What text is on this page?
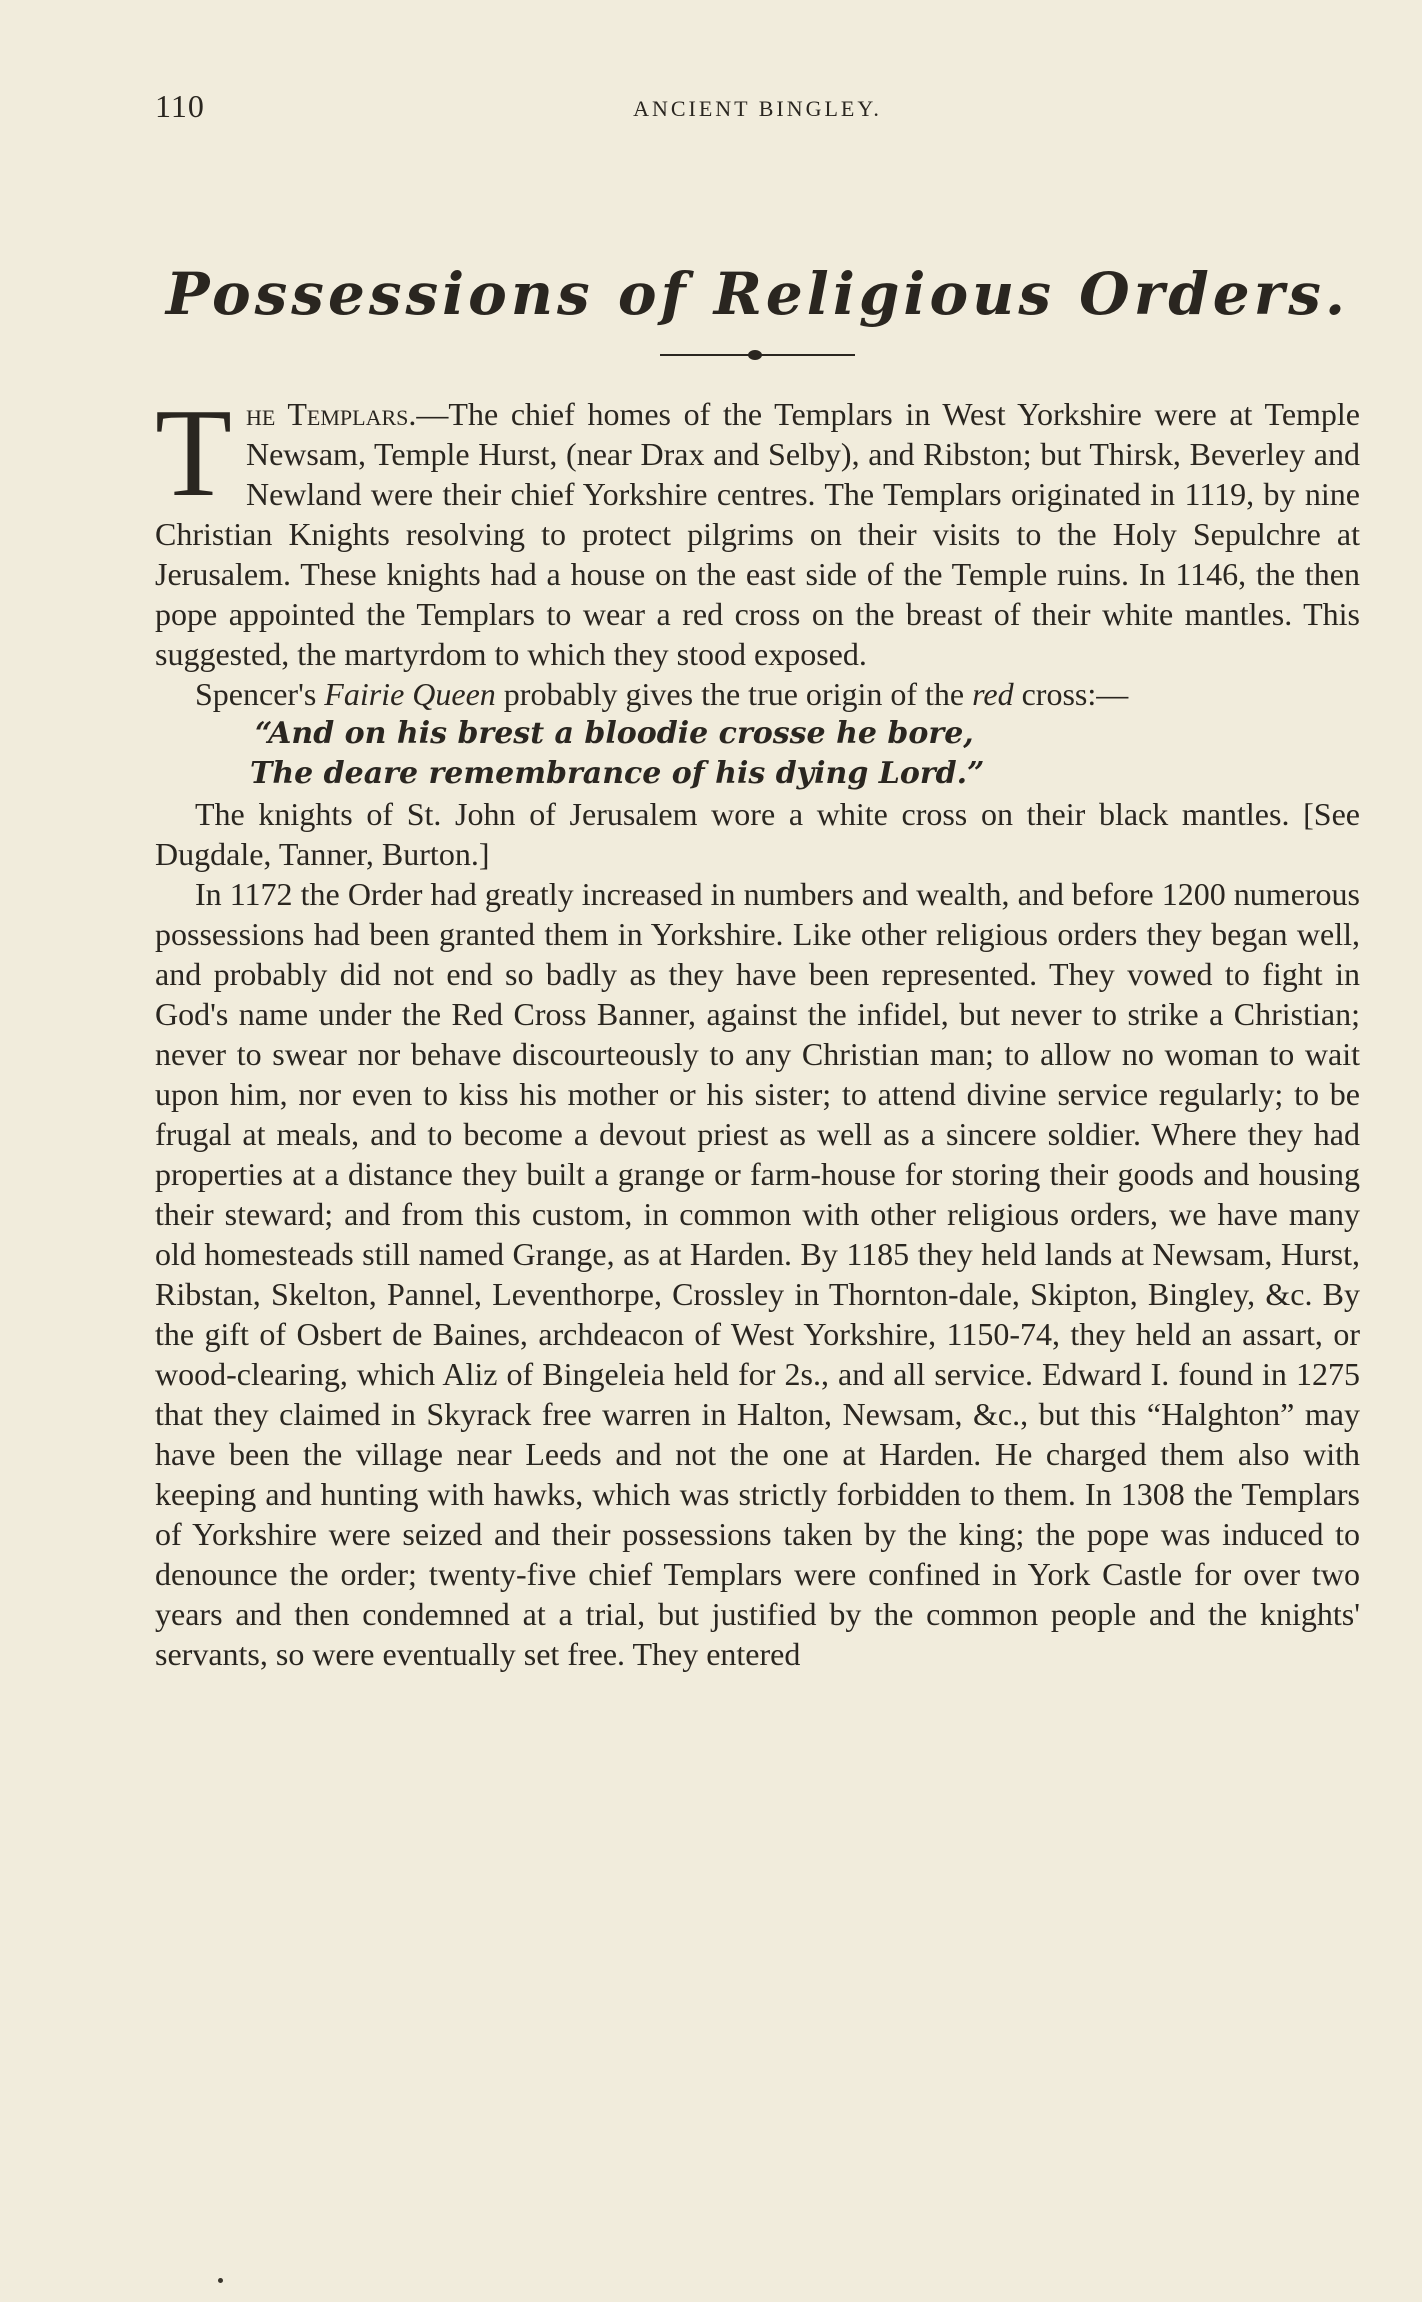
110	ANCIENT BINGLEY.
Possessions of Religious Orders.

The Templars.—The chief homes of the Templars in West Yorkshire were at Temple Newsam, Temple Hurst, (near Drax and Selby), and Ribston; but Thirsk, Beverley and Newland were their chief Yorkshire centres. The Templars originated in 1119, by nine Christian Knights resolving to protect pilgrims on their visits to the Holy Sepulchre at Jerusalem. These knights had a house on the east side of the Temple ruins. In 1146, the then pope appointed the Templars to wear a red cross on the breast of their white mantles. This suggested, the martyrdom to which they stood exposed.

Spencer's Fairie Queen probably gives the true origin of the red cross:—

“And on his brest a bloodie crosse he bore,

The deare remembrance of his dying Lord.”

The knights of St. John of Jerusalem wore a white cross on their black mantles. [See Dugdale, Tanner, Burton.]

In 1172 the Order had greatly increased in numbers and wealth, and before 1200 numerous possessions had been granted them in Yorkshire. Like other religious orders they began well, and probably did not end so badly as they have been represented. They vowed to fight in God's name under the Red Cross Banner, against the infidel, but never to strike a Christian; never to swear nor behave discourteously to any Christian man; to allow no woman to wait upon him, nor even to kiss his mother or his sister; to attend divine service regularly; to be frugal at meals, and to become a devout priest as well as a sincere soldier. Where they had properties at a distance they built a grange or farm-house for storing their goods and housing their steward; and from this custom, in common with other religious orders, we have many old homesteads still named Grange, as at Harden. By 1185 they held lands at Newsam, Hurst, Ribstan, Skelton, Pannel, Leventhorpe, Crossley in Thornton-dale, Skipton, Bingley, &c. By the gift of Osbert de Baines, archdeacon of West Yorkshire, 1150-74, they held an assart, or wood-clearing, which Aliz of Bingeleia held for 2s., and all service. Edward I. found in 1275 that they claimed in Skyrack free warren in Halton, Newsam, &c., but this “Halghton” may have been the village near Leeds and not the one at Harden. He charged them also with keeping and hunting with hawks, which was strictly forbidden to them. In 1308 the Templars of Yorkshire were seized and their possessions taken by the king; the pope was induced to denounce the order; twenty-five chief Templars were confined in York Castle for over two years and then condemned at a trial, but justified by the common people and the knights' servants, so were eventually set free. They entered
